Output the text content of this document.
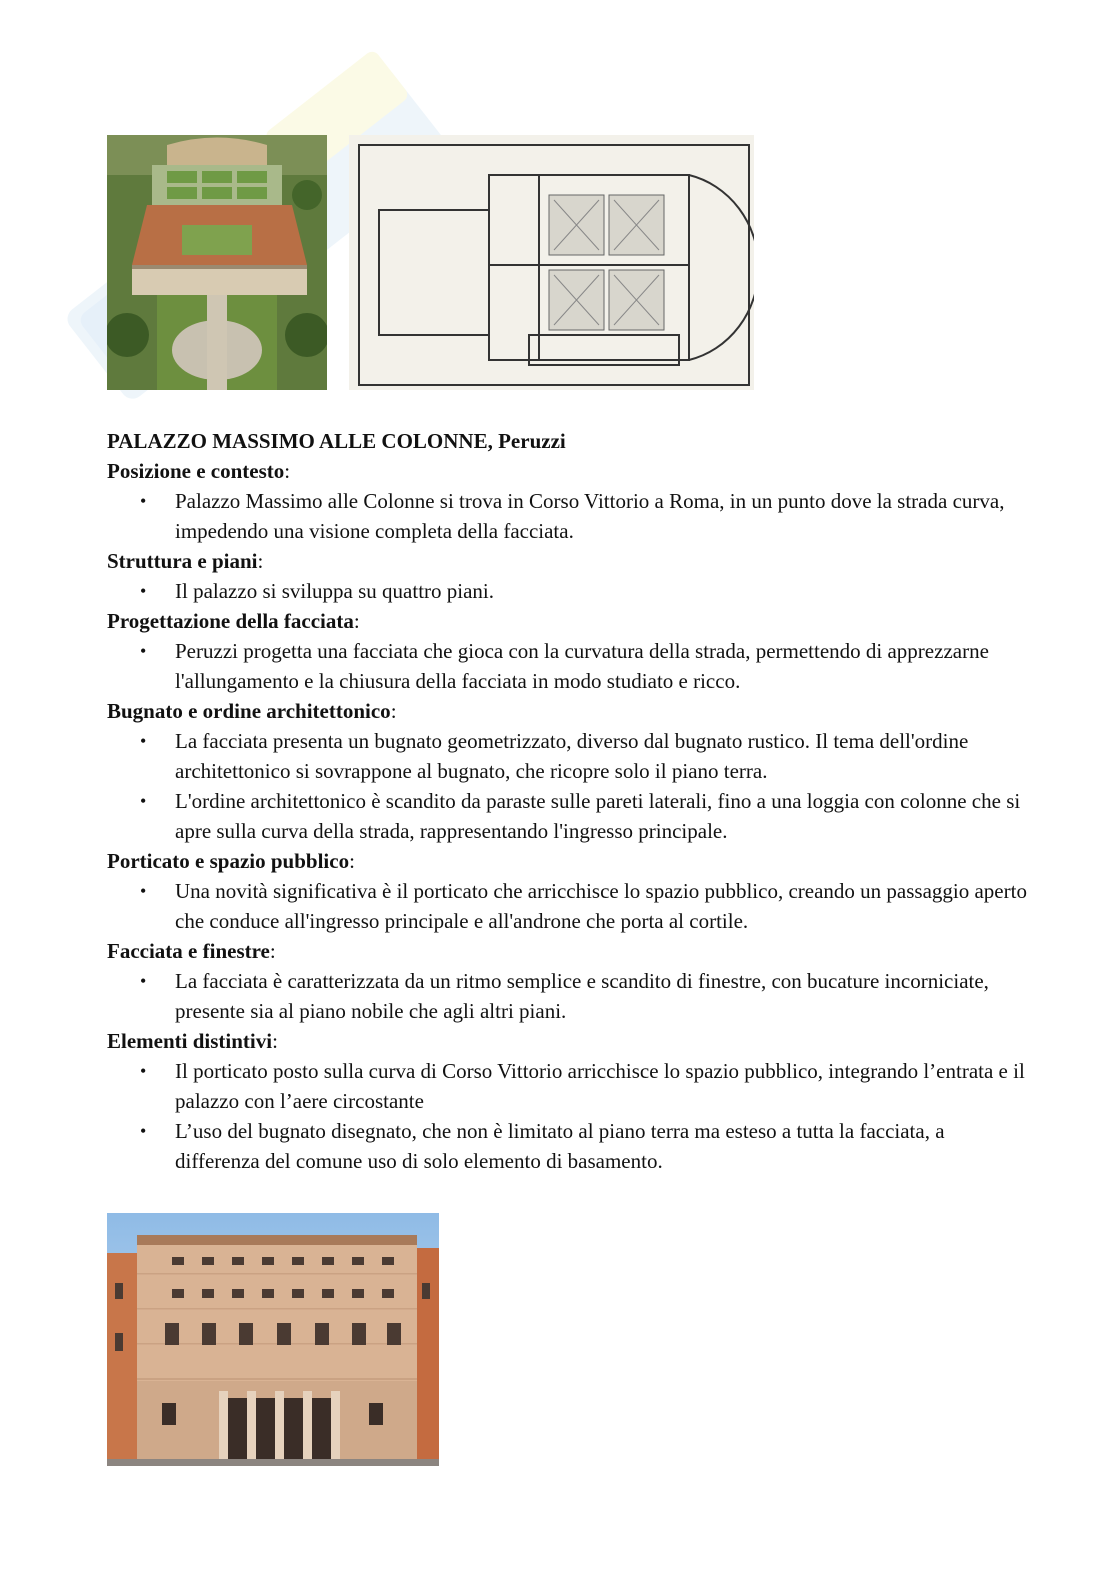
PALAZZO MASSIMO ALLE COLONNE, Peruzzi

Posizione e contesto:

• Palazzo Massimo alle Colonne si trova in Corso Vittorio a Roma, in un punto dove la strada curva, impedendo una visione completa della facciata.

Struttura e piani:

• Il palazzo si sviluppa su quattro piani.

Progettazione della facciata:

• Peruzzi progetta una facciata che gioca con la curvatura della strada, permettendo di apprezzarne l'allungamento e la chiusura della facciata in modo studiato e ricco.

Bugnato e ordine architettonico:

• La facciata presenta un bugnato geometrizzato, diverso dal bugnato rustico. Il tema dell'ordine architettonico si sovrappone al bugnato, che ricopre solo il piano terra.
• L'ordine architettonico è scandito da paraste sulle pareti laterali, fino a una loggia con colonne che si apre sulla curva della strada, rappresentando l'ingresso principale.

Porticato e spazio pubblico:

• Una novità significativa è il porticato che arricchisce lo spazio pubblico, creando un passaggio aperto che conduce all'ingresso principale e all'androne che porta al cortile.

Facciata e finestre:

• La facciata è caratterizzata da un ritmo semplice e scandito di finestre, con bucature incorniciate, presente sia al piano nobile che agli altri piani.

Elementi distintivi:

• Il porticato posto sulla curva di Corso Vittorio arricchisce lo spazio pubblico, integrando l’entrata e il palazzo con l’aere circostante
• L’uso del bugnato disegnato, che non è limitato al piano terra ma esteso a tutta la facciata, a differenza del comune uso di solo elemento di basamento.
